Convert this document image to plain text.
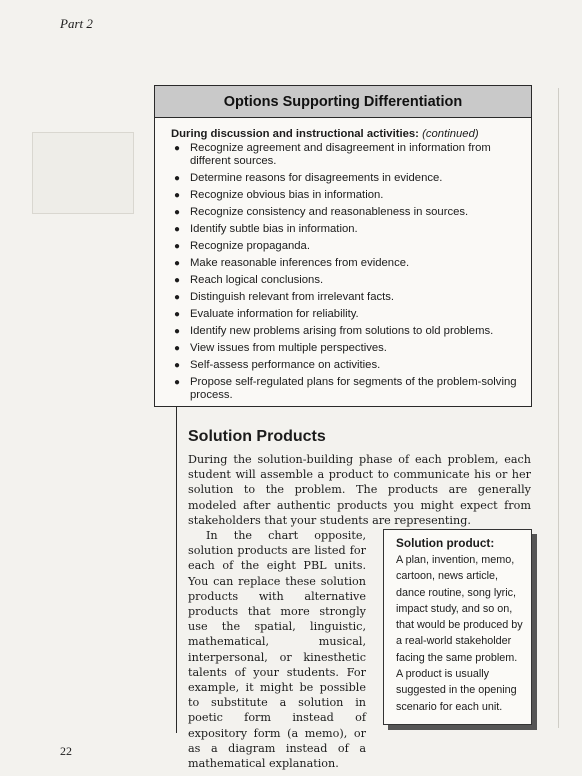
Part 2
Options Supporting Differentiation
During discussion and instructional activities: (continued)
● Recognize agreement and disagreement in information from different sources.
● Determine reasons for disagreements in evidence.
● Recognize obvious bias in information.
● Recognize consistency and reasonableness in sources.
● Identify subtle bias in information.
● Recognize propaganda.
● Make reasonable inferences from evidence.
● Reach logical conclusions.
● Distinguish relevant from irrelevant facts.
● Evaluate information for reliability.
● Identify new problems arising from solutions to old problems.
● View issues from multiple perspectives.
● Self-assess performance on activities.
● Propose self-regulated plans for segments of the problem-solving process.
Solution Products
During the solution-building phase of each problem, each student will assemble a product to communicate his or her solution to the problem. The products are generally modeled after authentic products you might expect from stakeholders that your students are representing.
In the chart opposite, solution products are listed for each of the eight PBL units. You can replace these solution products with alternative products that more strongly use the spatial, linguistic, mathematical, musical, interpersonal, or kinesthetic talents of your students. For example, it might be possible to substitute a solution in poetic form instead of expository form (a memo), or as a diagram instead of a mathematical explanation.
Solution product:
A plan, invention, memo, cartoon, news article, dance routine, song lyric, impact study, and so on, that would be produced by a real-world stakeholder facing the same problem. A product is usually suggested in the opening scenario for each unit.
22
